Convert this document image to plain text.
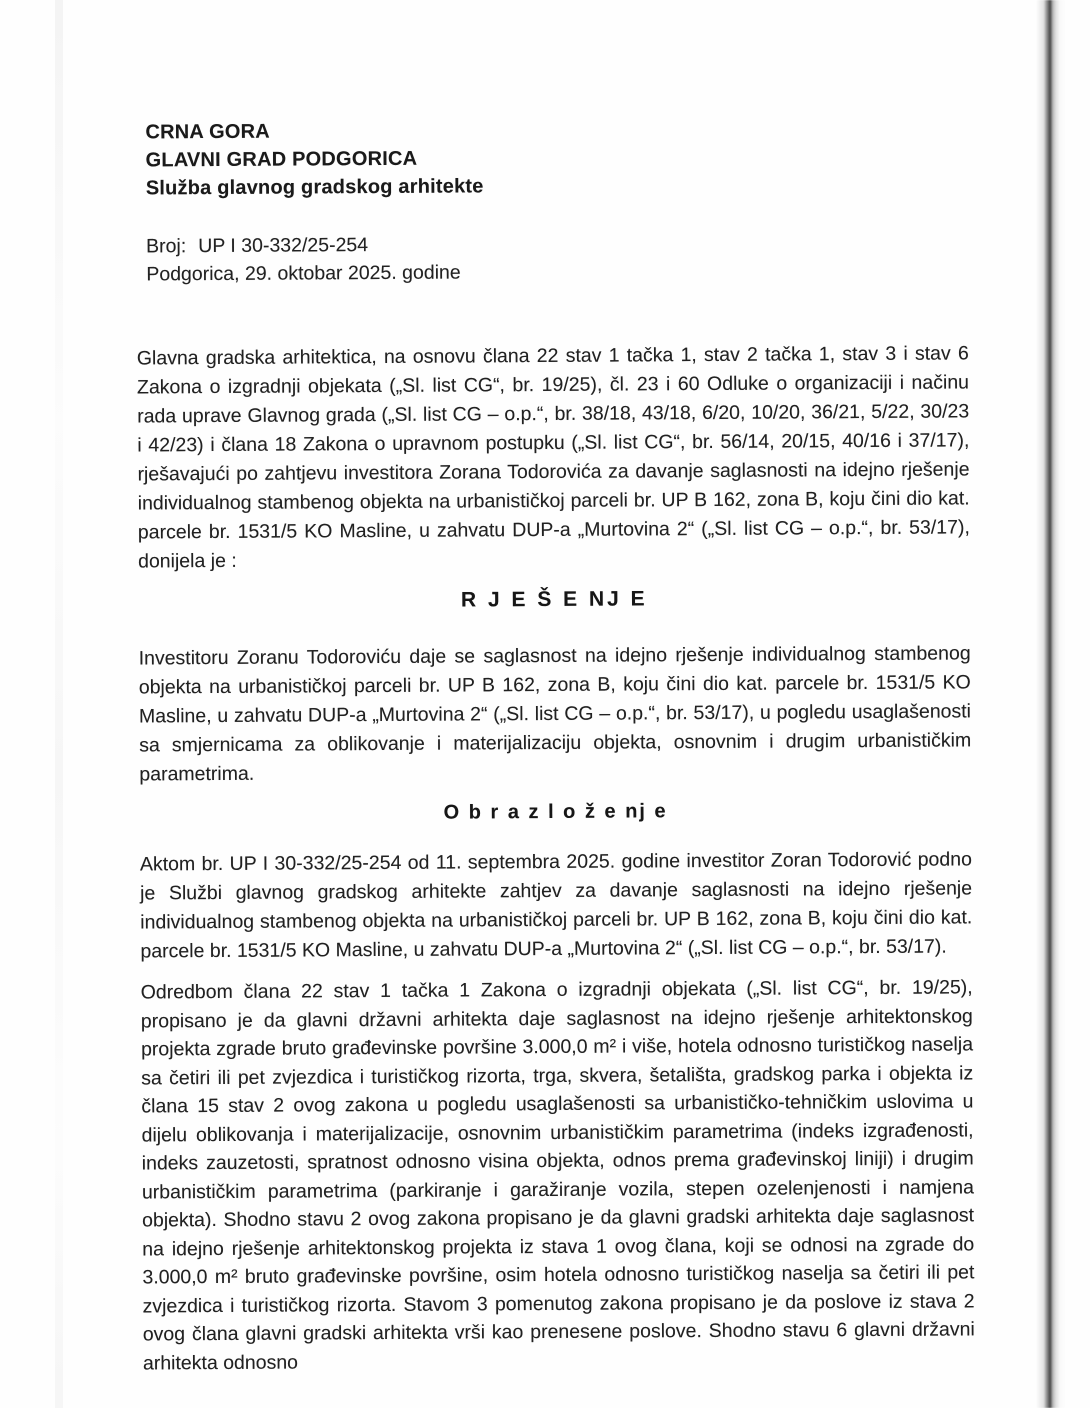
CRNA GORA
GLAVNI GRAD PODGORICA
Služba glavnog gradskog arhitekte
Broj: UP I 30-332/25-254
Podgorica, 29. oktobar 2025. godine

Glavna gradska arhitektica, na osnovu člana 22 stav 1 tačka 1, stav 2 tačka 1, stav 3 i stav 6 Zakona o izgradnji objekata („Sl. list CG“, br. 19/25), čl. 23 i 60 Odluke o organizaciji i načinu rada uprave Glavnog grada („Sl. list CG – o.p.“, br. 38/18, 43/18, 6/20, 10/20, 36/21, 5/22, 30/23 i 42/23) i člana 18 Zakona o upravnom postupku („Sl. list CG“, br. 56/14, 20/15, 40/16 i 37/17), rješavajući po zahtjevu investitora Zorana Todorovića za davanje saglasnosti na idejno rješenje individualnog stambenog objekta na urbanističkoj parceli br. UP B 162, zona B, koju čini dio kat. parcele br. 1531/5 KO Masline, u zahvatu DUP-a „Murtovina 2“ („Sl. list CG – o.p.“, br. 53/17), donijela je :

R J E Š E NJ E

Investitoru Zoranu Todoroviću daje se saglasnost na idejno rješenje individualnog stambenog objekta na urbanističkoj parceli br. UP B 162, zona B, koju čini dio kat. parcele br. 1531/5 KO Masline, u zahvatu DUP-a „Murtovina 2“ („Sl. list CG – o.p.“, br. 53/17), u pogledu usaglašenosti sa smjernicama za oblikovanje i materijalizaciju objekta, osnovnim i drugim urbanističkim parametrima.

O b r a z l o ž e nj e

Aktom br. UP I 30-332/25-254 od 11. septembra 2025. godine investitor Zoran Todorović podno je Službi glavnog gradskog arhitekte zahtjev za davanje saglasnosti na idejno rješenje individualnog stambenog objekta na urbanističkoj parceli br. UP B 162, zona B, koju čini dio kat. parcele br. 1531/5 KO Masline, u zahvatu DUP-a „Murtovina 2“ („Sl. list CG – o.p.“, br. 53/17).

Odredbom člana 22 stav 1 tačka 1 Zakona o izgradnji objekata („Sl. list CG“, br. 19/25), propisano je da glavni državni arhitekta daje saglasnost na idejno rješenje arhitektonskog projekta zgrade bruto građevinske površine 3.000,0 m² i više, hotela odnosno turističkog naselja sa četiri ili pet zvjezdica i turističkog rizorta, trga, skvera, šetališta, gradskog parka i objekta iz člana 15 stav 2 ovog zakona u pogledu usaglašenosti sa urbanističko-tehničkim uslovima u dijelu oblikovanja i materijalizacije, osnovnim urbanističkim parametrima (indeks izgrađenosti, indeks zauzetosti, spratnost odnosno visina objekta, odnos prema građevinskoj liniji) i drugim urbanističkim parametrima (parkiranje i garažiranje vozila, stepen ozelenjenosti i namjena objekta). Shodno stavu 2 ovog zakona propisano je da glavni gradski arhitekta daje saglasnost na idejno rješenje arhitektonskog projekta iz stava 1 ovog člana, koji se odnosi na zgrade do 3.000,0 m² bruto građevinske površine, osim hotela odnosno turističkog naselja sa četiri ili pet zvjezdica i turističkog rizorta. Stavom 3 pomenutog zakona propisano je da poslove iz stava 2 ovog člana glavni gradski arhitekta vrši kao prenesene poslove. Shodno stavu 6 glavni državni arhitekta odnosno
